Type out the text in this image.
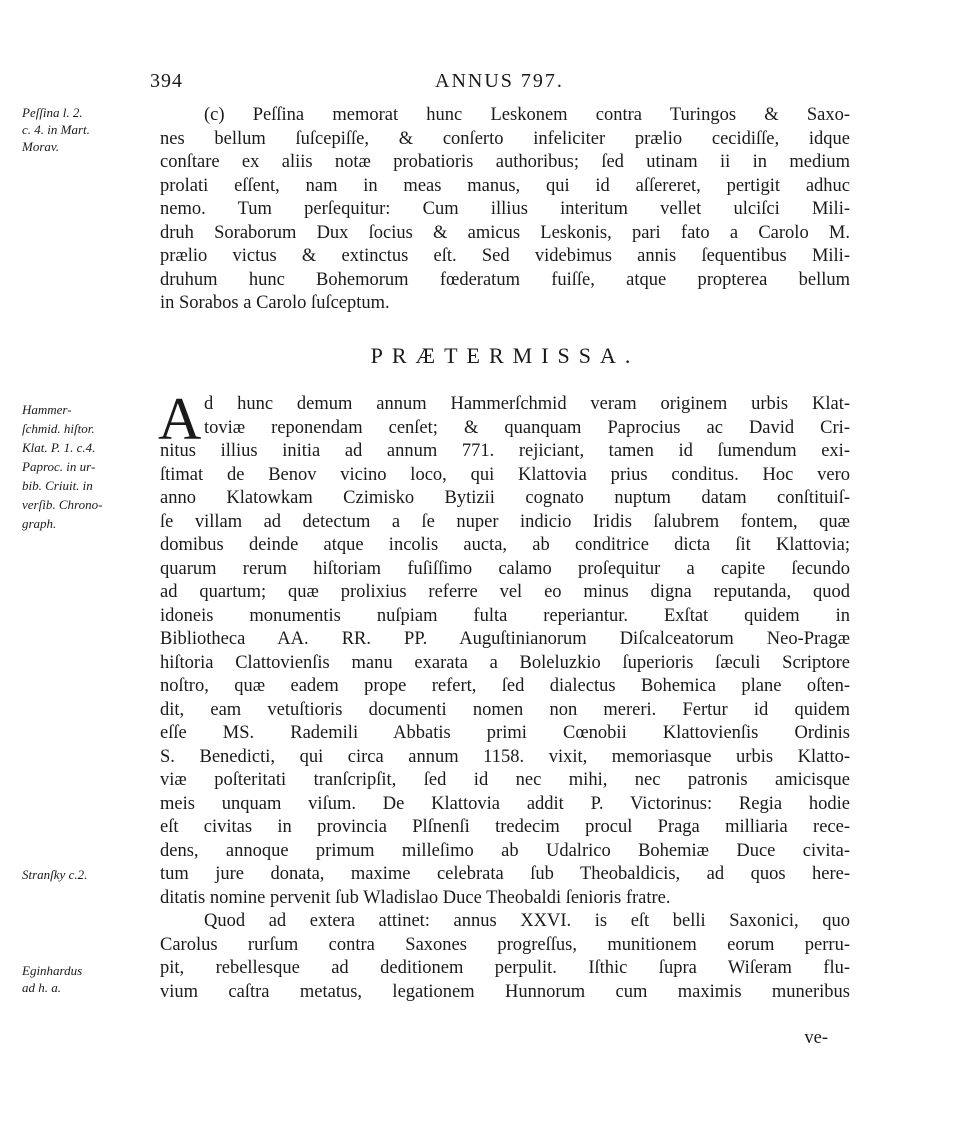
394	ANNUS 797.
Peſſina l. 2.
c. 4. in Mart.
Morav.
Hammer-
ſchmid. hiſtor.
Klat. P. 1. c.4.
Paproc. in ur-
bib. Criuit. in
verſib. Chrono-
graph.
Stranſky c.2.
Eginhardus
ad h. a.
(c) Peſſina memorat hunc Leskonem contra Turingos & Saxo-
nes bellum ſuſcepiſſe, & conſerto infeliciter prælio cecidiſſe, idque
conſtare ex aliis notæ probatioris authoribus; ſed utinam ii in medium
prolati eſſent, nam in meas manus, qui id aſſereret, pertigit adhuc
nemo. Tum perſequitur: Cum illius interitum vellet ulciſci Mili-
druh Soraborum Dux ſocius & amicus Leskonis, pari fato a Carolo M.
prælio victus & extinctus eſt. Sed videbimus annis ſequentibus Mili-
druhum hunc Bohemorum fœderatum fuiſſe, atque propterea bellum
in Sorabos a Carolo ſuſceptum.
PRÆTERMISSA.
A d hunc demum annum Hammerſchmid veram originem urbis Klat-
toviæ reponendam cenſet; & quanquam Paprocius ac David Cri-
nitus illius initia ad annum 771. rejiciant, tamen id ſumendum exi-
ſtimat de Benov vicino loco, qui Klattovia prius conditus. Hoc vero
anno Klatowkam Czimisko Bytizii cognato nuptum datam conſtituiſ-
ſe villam ad detectum a ſe nuper indicio Iridis ſalubrem fontem, quæ
domibus deinde atque incolis aucta, ab conditrice dicta ſit Klattovia;
quarum rerum hiſtoriam fuſiſſimo calamo proſequitur a capite ſecundo
ad quartum; quæ prolixius referre vel eo minus digna reputanda, quod
idoneis monumentis nuſpiam fulta reperiantur. Exſtat quidem in
Bibliotheca AA. RR. PP. Auguſtinianorum Diſcalceatorum Neo-Pragæ
hiſtoria Clattovienſis manu exarata a Boleluzkio ſuperioris ſæculi Scriptore
noſtro, quæ eadem prope refert, ſed dialectus Bohemica plane oſten-
dit, eam vetuſtioris documenti nomen non mereri. Fertur id quidem
eſſe MS. Rademili Abbatis primi Cœnobii Klattovienſis Ordinis
S. Benedicti, qui circa annum 1158. vixit, memoriasque urbis Klatto-
viæ poſteritati tranſcripſit, ſed id nec mihi, nec patronis amicisque
meis unquam viſum. De Klattovia addit P. Victorinus: Regia hodie
eſt civitas in provincia Plſnenſi tredecim procul Praga milliaria rece-
dens, annoque primum milleſimo ab Udalrico Bohemiæ Duce civita-
tum jure donata, maxime celebrata ſub Theobaldicis, ad quos here-
ditatis nomine pervenit ſub Wladislao Duce Theobaldi ſenioris fratre.
Quod ad extera attinet: annus XXVI. is eſt belli Saxonici, quo
Carolus rurſum contra Saxones progreſſus, munitionem eorum perru-
pit, rebellesque ad deditionem perpulit. Iſthic ſupra Wiſeram flu-
vium caſtra metatus, legationem Hunnorum cum maximis muneribus
ve-
